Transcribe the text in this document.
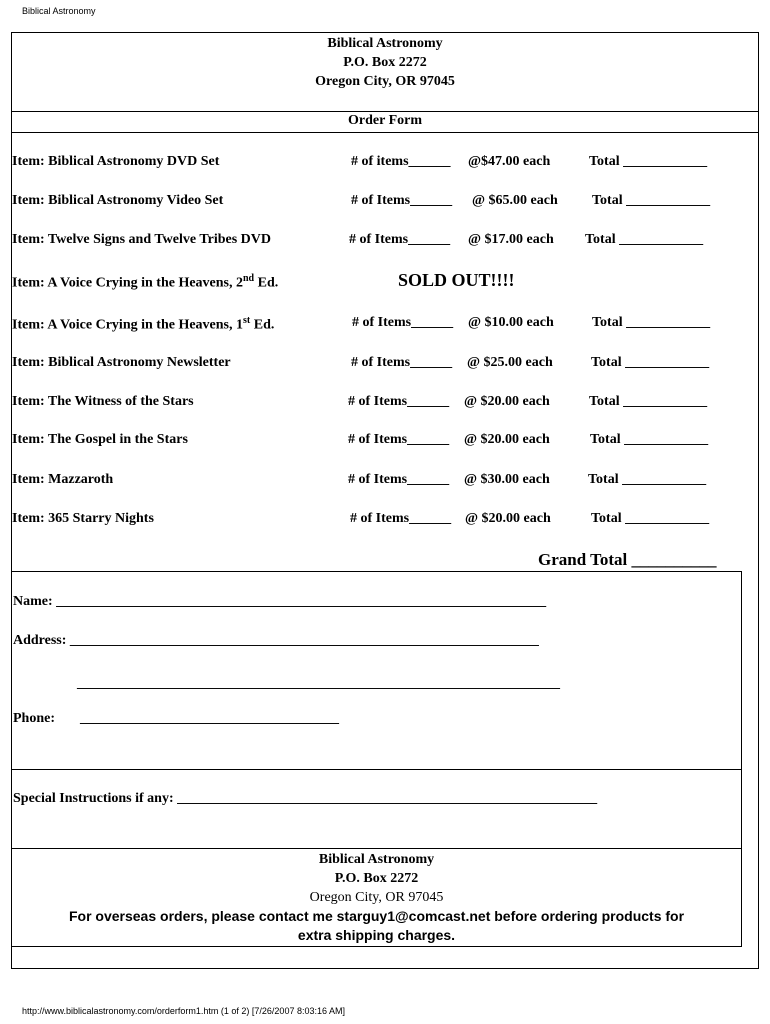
Biblical Astronomy
Biblical Astronomy
P.O. Box 2272
Oregon City, OR 97045
Order Form
Item: Biblical Astronomy DVD Set	# of items______ @$47.00 each	Total ____________
Item: Biblical Astronomy Video Set	# of Items______ @ $65.00 each Total ____________
Item: Twelve Signs and Twelve Tribes DVD	# of Items______ @ $17.00 each Total ____________
Item: A Voice Crying in the Heavens, 2nd Ed.	SOLD OUT!!!!
Item: A Voice Crying in the Heavens, 1st Ed.	# of Items______ @ $10.00 each	Total ____________
Item: Biblical Astronomy Newsletter	# of Items______ @ $25.00 each	Total ____________
Item: The Witness of the Stars	# of Items______ @ $20.00 each	Total ____________
Item: The Gospel in the Stars	# of Items______ @ $20.00 each	Total ____________
Item: Mazzaroth	# of Items______ @ $30.00 each	Total ____________
Item: 365 Starry Nights	# of Items______ @ $20.00 each	Total ____________
Grand Total __________
Name: ______________________________________________________________________
Address: ___________________________________________________________________
_____________________________________________________________________
Phone: _____________________________________
Special Instructions if any: ____________________________________________________________
Biblical Astronomy
P.O. Box 2272
Oregon City, OR 97045
For overseas orders, please contact me starguy1@comcast.net before ordering products for
extra shipping charges.
http://www.biblicalastronomy.com/orderform1.htm (1 of 2) [7/26/2007 8:03:16 AM]
